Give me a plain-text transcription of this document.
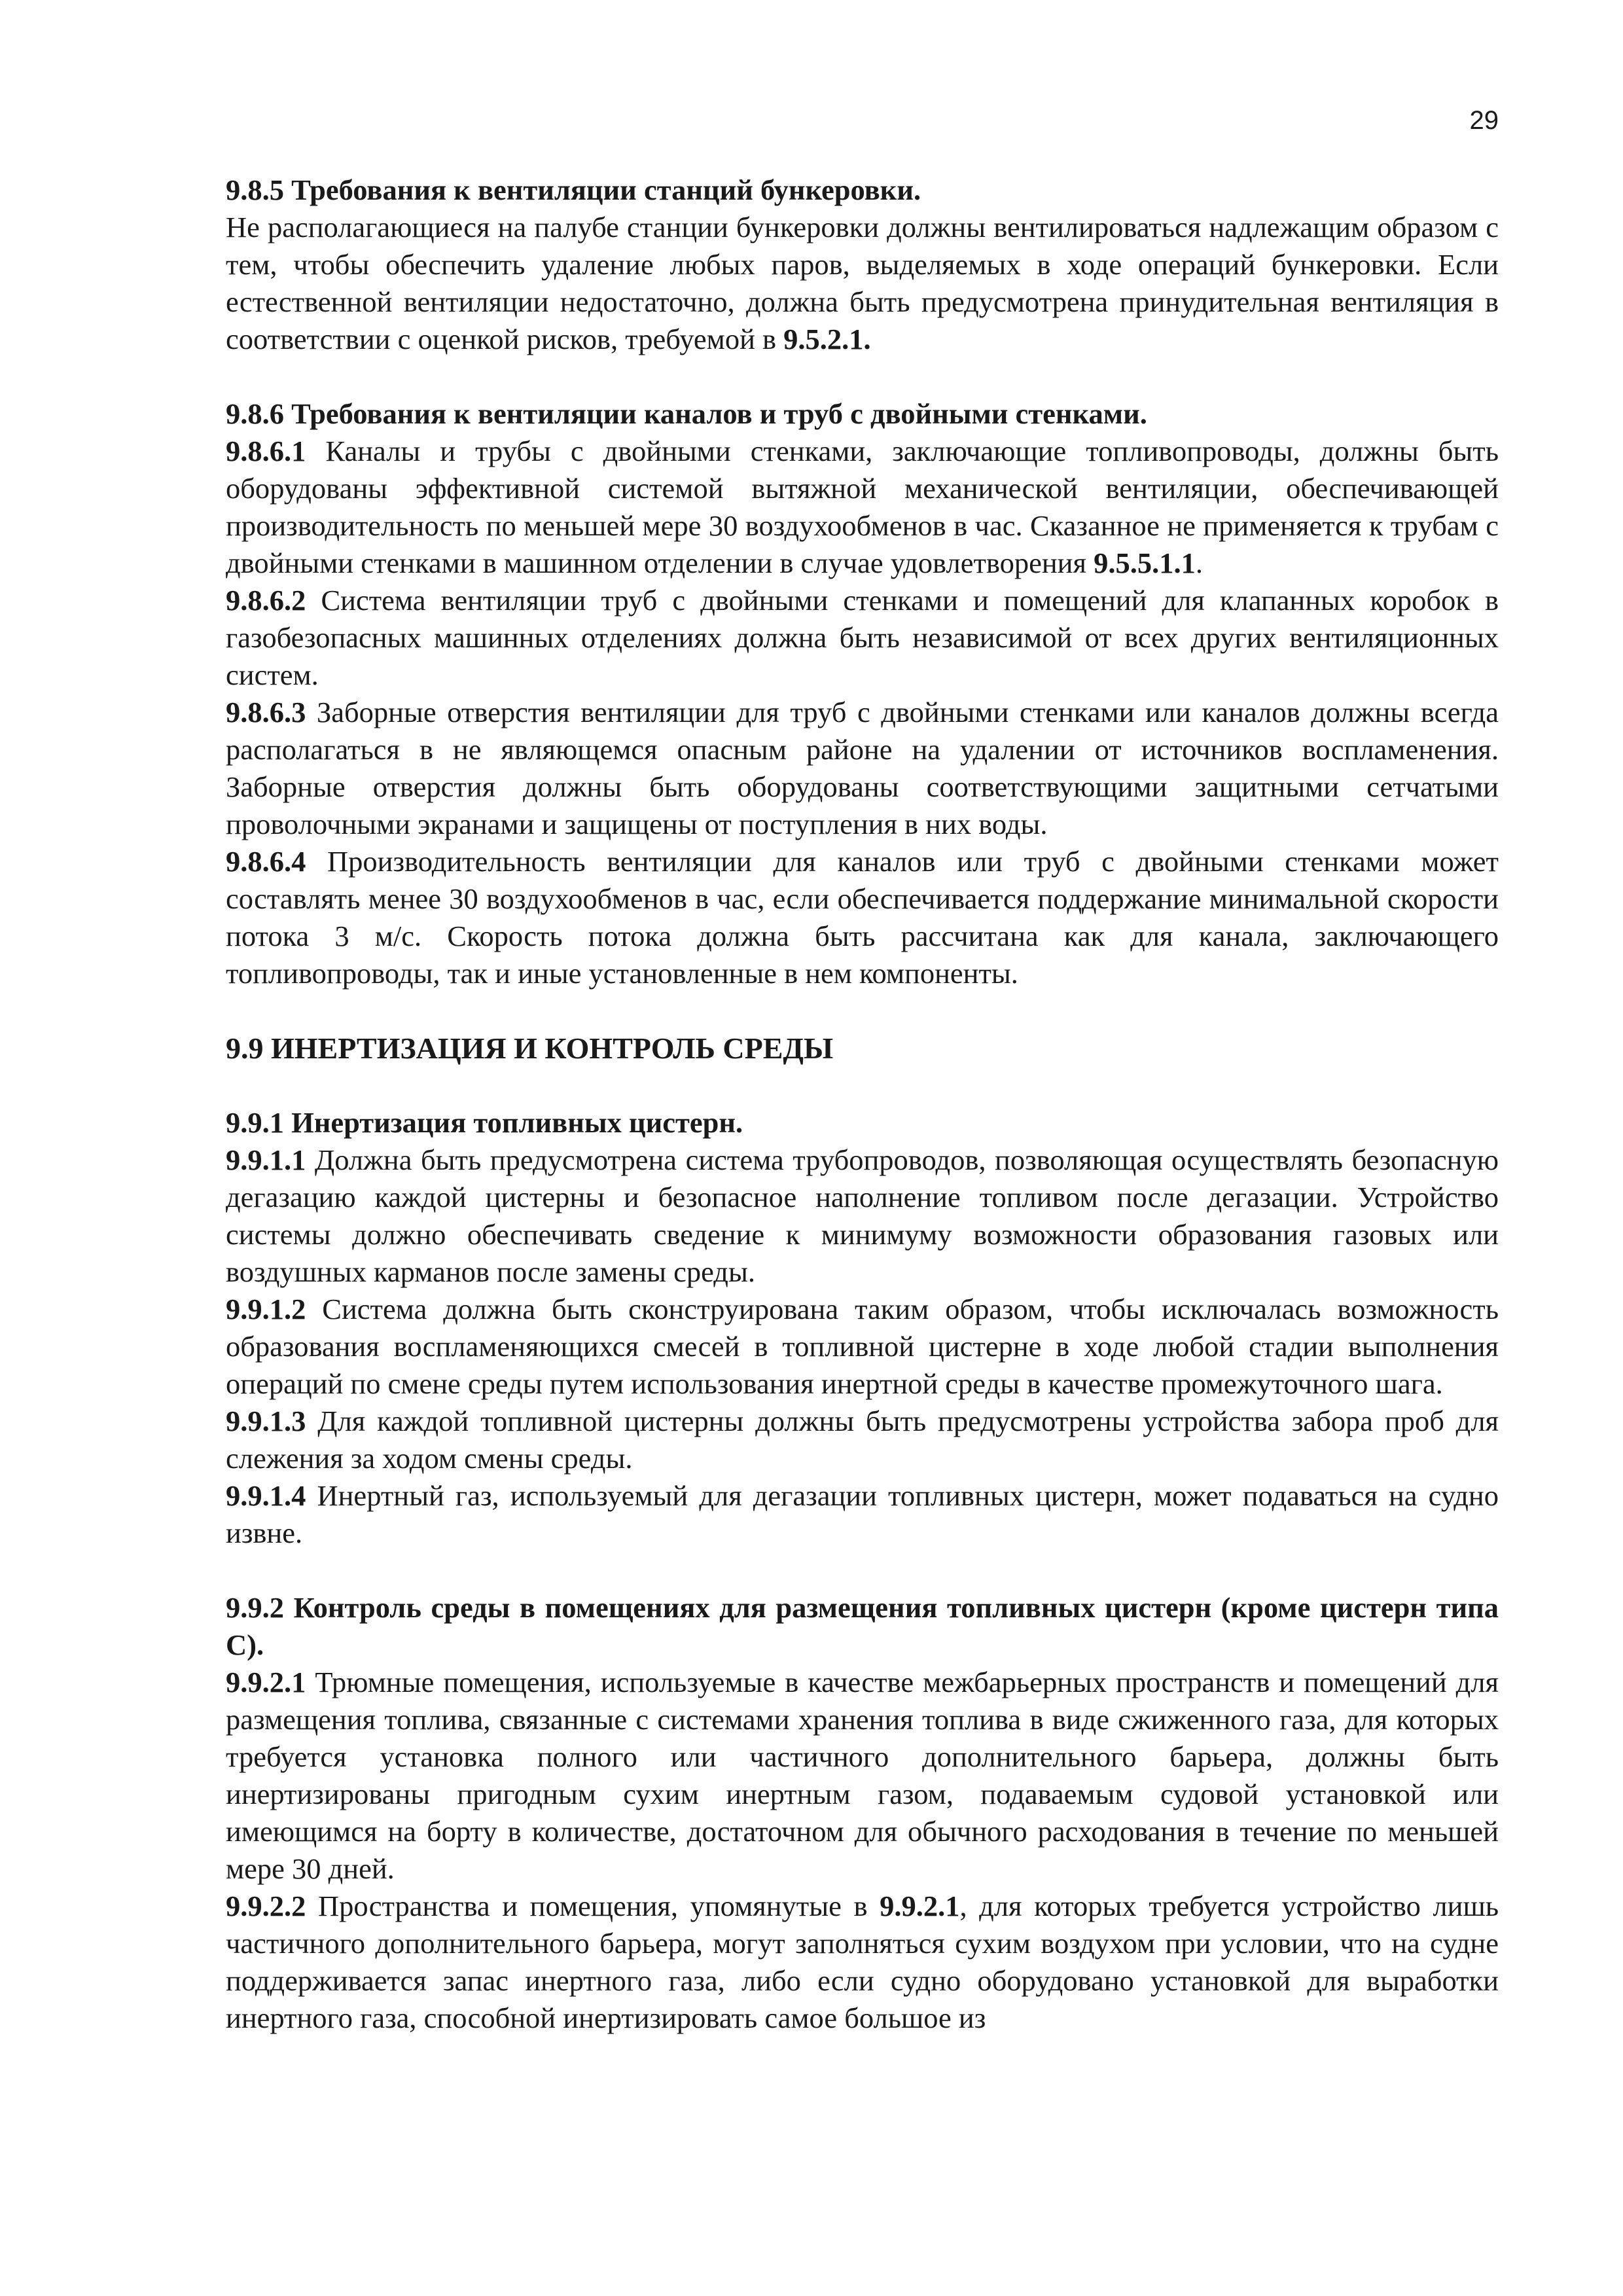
29

9.8.5 Требования к вентиляции станций бункеровки.

Не располагающиеся на палубе станции бункеровки должны вентилироваться надлежащим образом с тем, чтобы обеспечить удаление любых паров, выделяемых в ходе операций бункеровки. Если естественной вентиляции недостаточно, должна быть предусмотрена принудительная вентиляция в соответствии с оценкой рисков, требуемой в 9.5.2.1.

9.8.6 Требования к вентиляции каналов и труб с двойными стенками.

9.8.6.1 Каналы и трубы с двойными стенками, заключающие топливопроводы, должны быть оборудованы эффективной системой вытяжной механической вентиляции, обеспечивающей производительность по меньшей мере 30 воздухообменов в час. Сказанное не применяется к трубам с двойными стенками в машинном отделении в случае удовлетворения 9.5.5.1.1.

9.8.6.2 Система вентиляции труб с двойными стенками и помещений для клапанных коробок в газобезопасных машинных отделениях должна быть независимой от всех других вентиляционных систем.

9.8.6.3 Заборные отверстия вентиляции для труб с двойными стенками или каналов должны всегда располагаться в не являющемся опасным районе на удалении от источников воспламенения. Заборные отверстия должны быть оборудованы соответствующими защитными сетчатыми проволочными экранами и защищены от поступления в них воды.

9.8.6.4 Производительность вентиляции для каналов или труб с двойными стенками может составлять менее 30 воздухообменов в час, если обеспечивается поддержание минимальной скорости потока 3 м/с. Скорость потока должна быть рассчитана как для канала, заключающего топливопроводы, так и иные установленные в нем компоненты.

9.9 ИНЕРТИЗАЦИЯ И КОНТРОЛЬ СРЕДЫ

9.9.1 Инертизация топливных цистерн.

9.9.1.1 Должна быть предусмотрена система трубопроводов, позволяющая осуществлять безопасную дегазацию каждой цистерны и безопасное наполнение топливом после дегазации. Устройство системы должно обеспечивать сведение к минимуму возможности образования газовых или воздушных карманов после замены среды.

9.9.1.2 Система должна быть сконструирована таким образом, чтобы исключалась возможность образования воспламеняющихся смесей в топливной цистерне в ходе любой стадии выполнения операций по смене среды путем использования инертной среды в качестве промежуточного шага.

9.9.1.3 Для каждой топливной цистерны должны быть предусмотрены устройства забора проб для слежения за ходом смены среды.

9.9.1.4 Инертный газ, используемый для дегазации топливных цистерн, может подаваться на судно извне.

9.9.2 Контроль среды в помещениях для размещения топливных цистерн (кроме цистерн типа С).

9.9.2.1 Трюмные помещения, используемые в качестве межбарьерных пространств и помещений для размещения топлива, связанные с системами хранения топлива в виде сжиженного газа, для которых требуется установка полного или частичного дополнительного барьера, должны быть инертизированы пригодным сухим инертным газом, подаваемым судовой установкой или имеющимся на борту в количестве, достаточном для обычного расходования в течение по меньшей мере 30 дней.

9.9.2.2 Пространства и помещения, упомянутые в 9.9.2.1, для которых требуется устройство лишь частичного дополнительного барьера, могут заполняться сухим воздухом при условии, что на судне поддерживается запас инертного газа, либо если судно оборудовано установкой для выработки инертного газа, способной инертизировать самое большое из
